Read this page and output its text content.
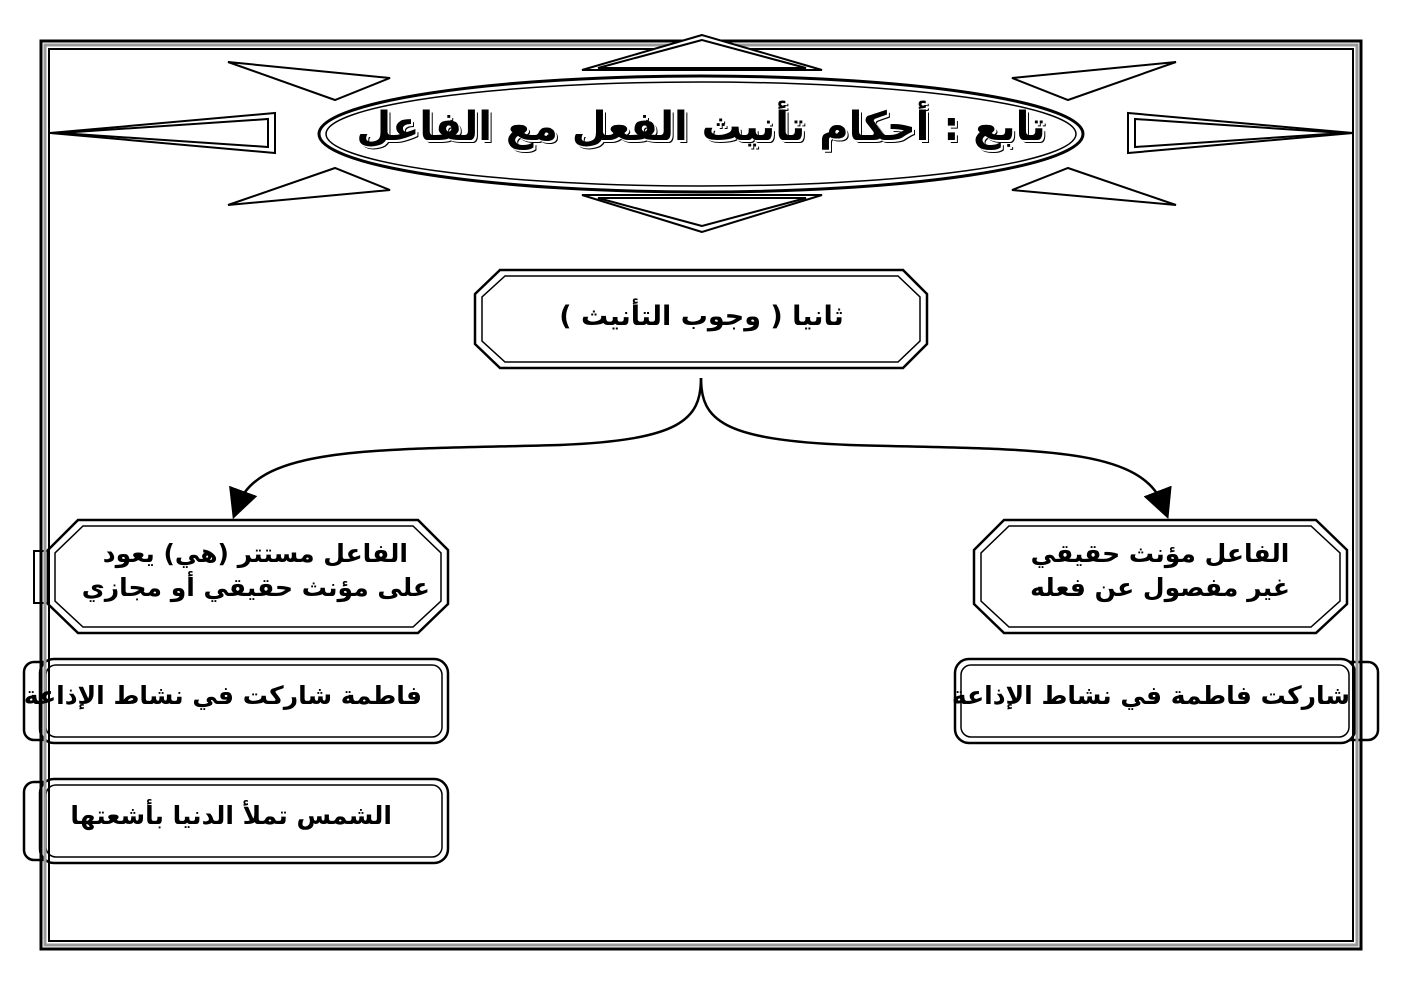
تابع : أحكام تأنيث الفعل مع الفاعل
ثانيا ( وجوب التأنيث )
الفاعل مؤنث حقيقي
غير مفصول عن فعله
الفاعل مستتر (هي) يعود
على مؤنث حقيقي أو مجازي
شاركت فاطمة في نشاط الإذاعة
فاطمة شاركت في نشاط الإذاعة
الشمس تملأ الدنيا بأشعتها
